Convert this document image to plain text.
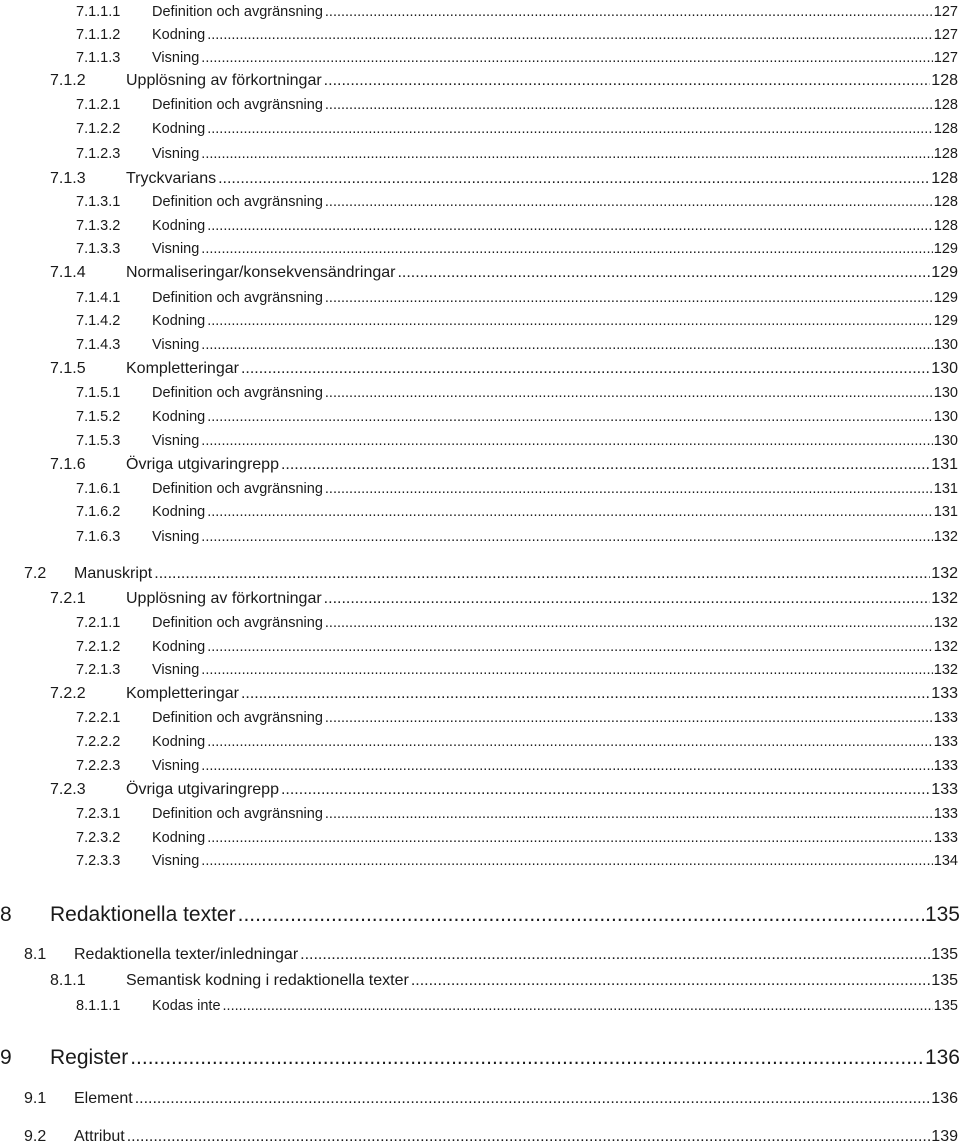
7.1.1.1	Definition och avgränsning .....	127
7.1.1.2	Kodning .....	127
7.1.1.3	Visning .....	127
7.1.2	Upplösning av förkortningar .....	128
7.1.2.1	Definition och avgränsning .....	128
7.1.2.2	Kodning .....	128
7.1.2.3	Visning .....	128
7.1.3	Tryckvarians .....	128
7.1.3.1	Definition och avgränsning .....	128
7.1.3.2	Kodning .....	128
7.1.3.3	Visning .....	129
7.1.4	Normaliseringar/konsekvensändringar .....	129
7.1.4.1	Definition och avgränsning .....	129
7.1.4.2	Kodning .....	129
7.1.4.3	Visning .....	130
7.1.5	Kompletteringar .....	130
7.1.5.1	Definition och avgränsning .....	130
7.1.5.2	Kodning .....	130
7.1.5.3	Visning .....	130
7.1.6	Övriga utgivaringrepp .....	131
7.1.6.1	Definition och avgränsning .....	131
7.1.6.2	Kodning .....	131
7.1.6.3	Visning .....	132
7.2	Manuskript .....	132
7.2.1	Upplösning av förkortningar .....	132
7.2.1.1	Definition och avgränsning .....	132
7.2.1.2	Kodning .....	132
7.2.1.3	Visning .....	132
7.2.2	Kompletteringar .....	133
7.2.2.1	Definition och avgränsning .....	133
7.2.2.2	Kodning .....	133
7.2.2.3	Visning .....	133
7.2.3	Övriga utgivaringrepp .....	133
7.2.3.1	Definition och avgränsning .....	133
7.2.3.2	Kodning .....	133
7.2.3.3	Visning .....	134
8	Redaktionella texter .....	135
8.1	Redaktionella texter/inledningar .....	135
8.1.1	Semantisk kodning i redaktionella texter .....	135
8.1.1.1	Kodas inte .....	135
9	Register .....	136
9.1	Element .....	136
9.2	Attribut .....	139
